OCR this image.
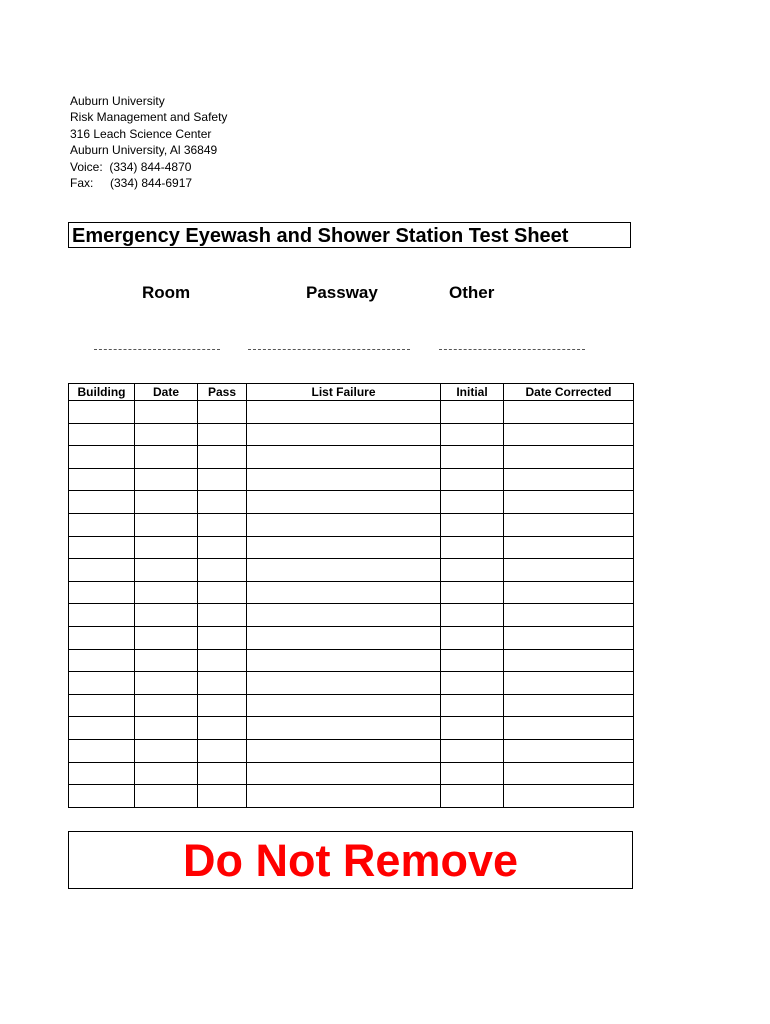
Auburn University
Risk Management and Safety
316 Leach Science Center
Auburn University, Al 36849
Voice:  (334) 844-4870
Fax:     (334) 844-6917
Emergency Eyewash and Shower Station Test Sheet
Room	Passway	Other
Building	Date	Pass	List Failure	Initial	Date Corrected

Do Not Remove
